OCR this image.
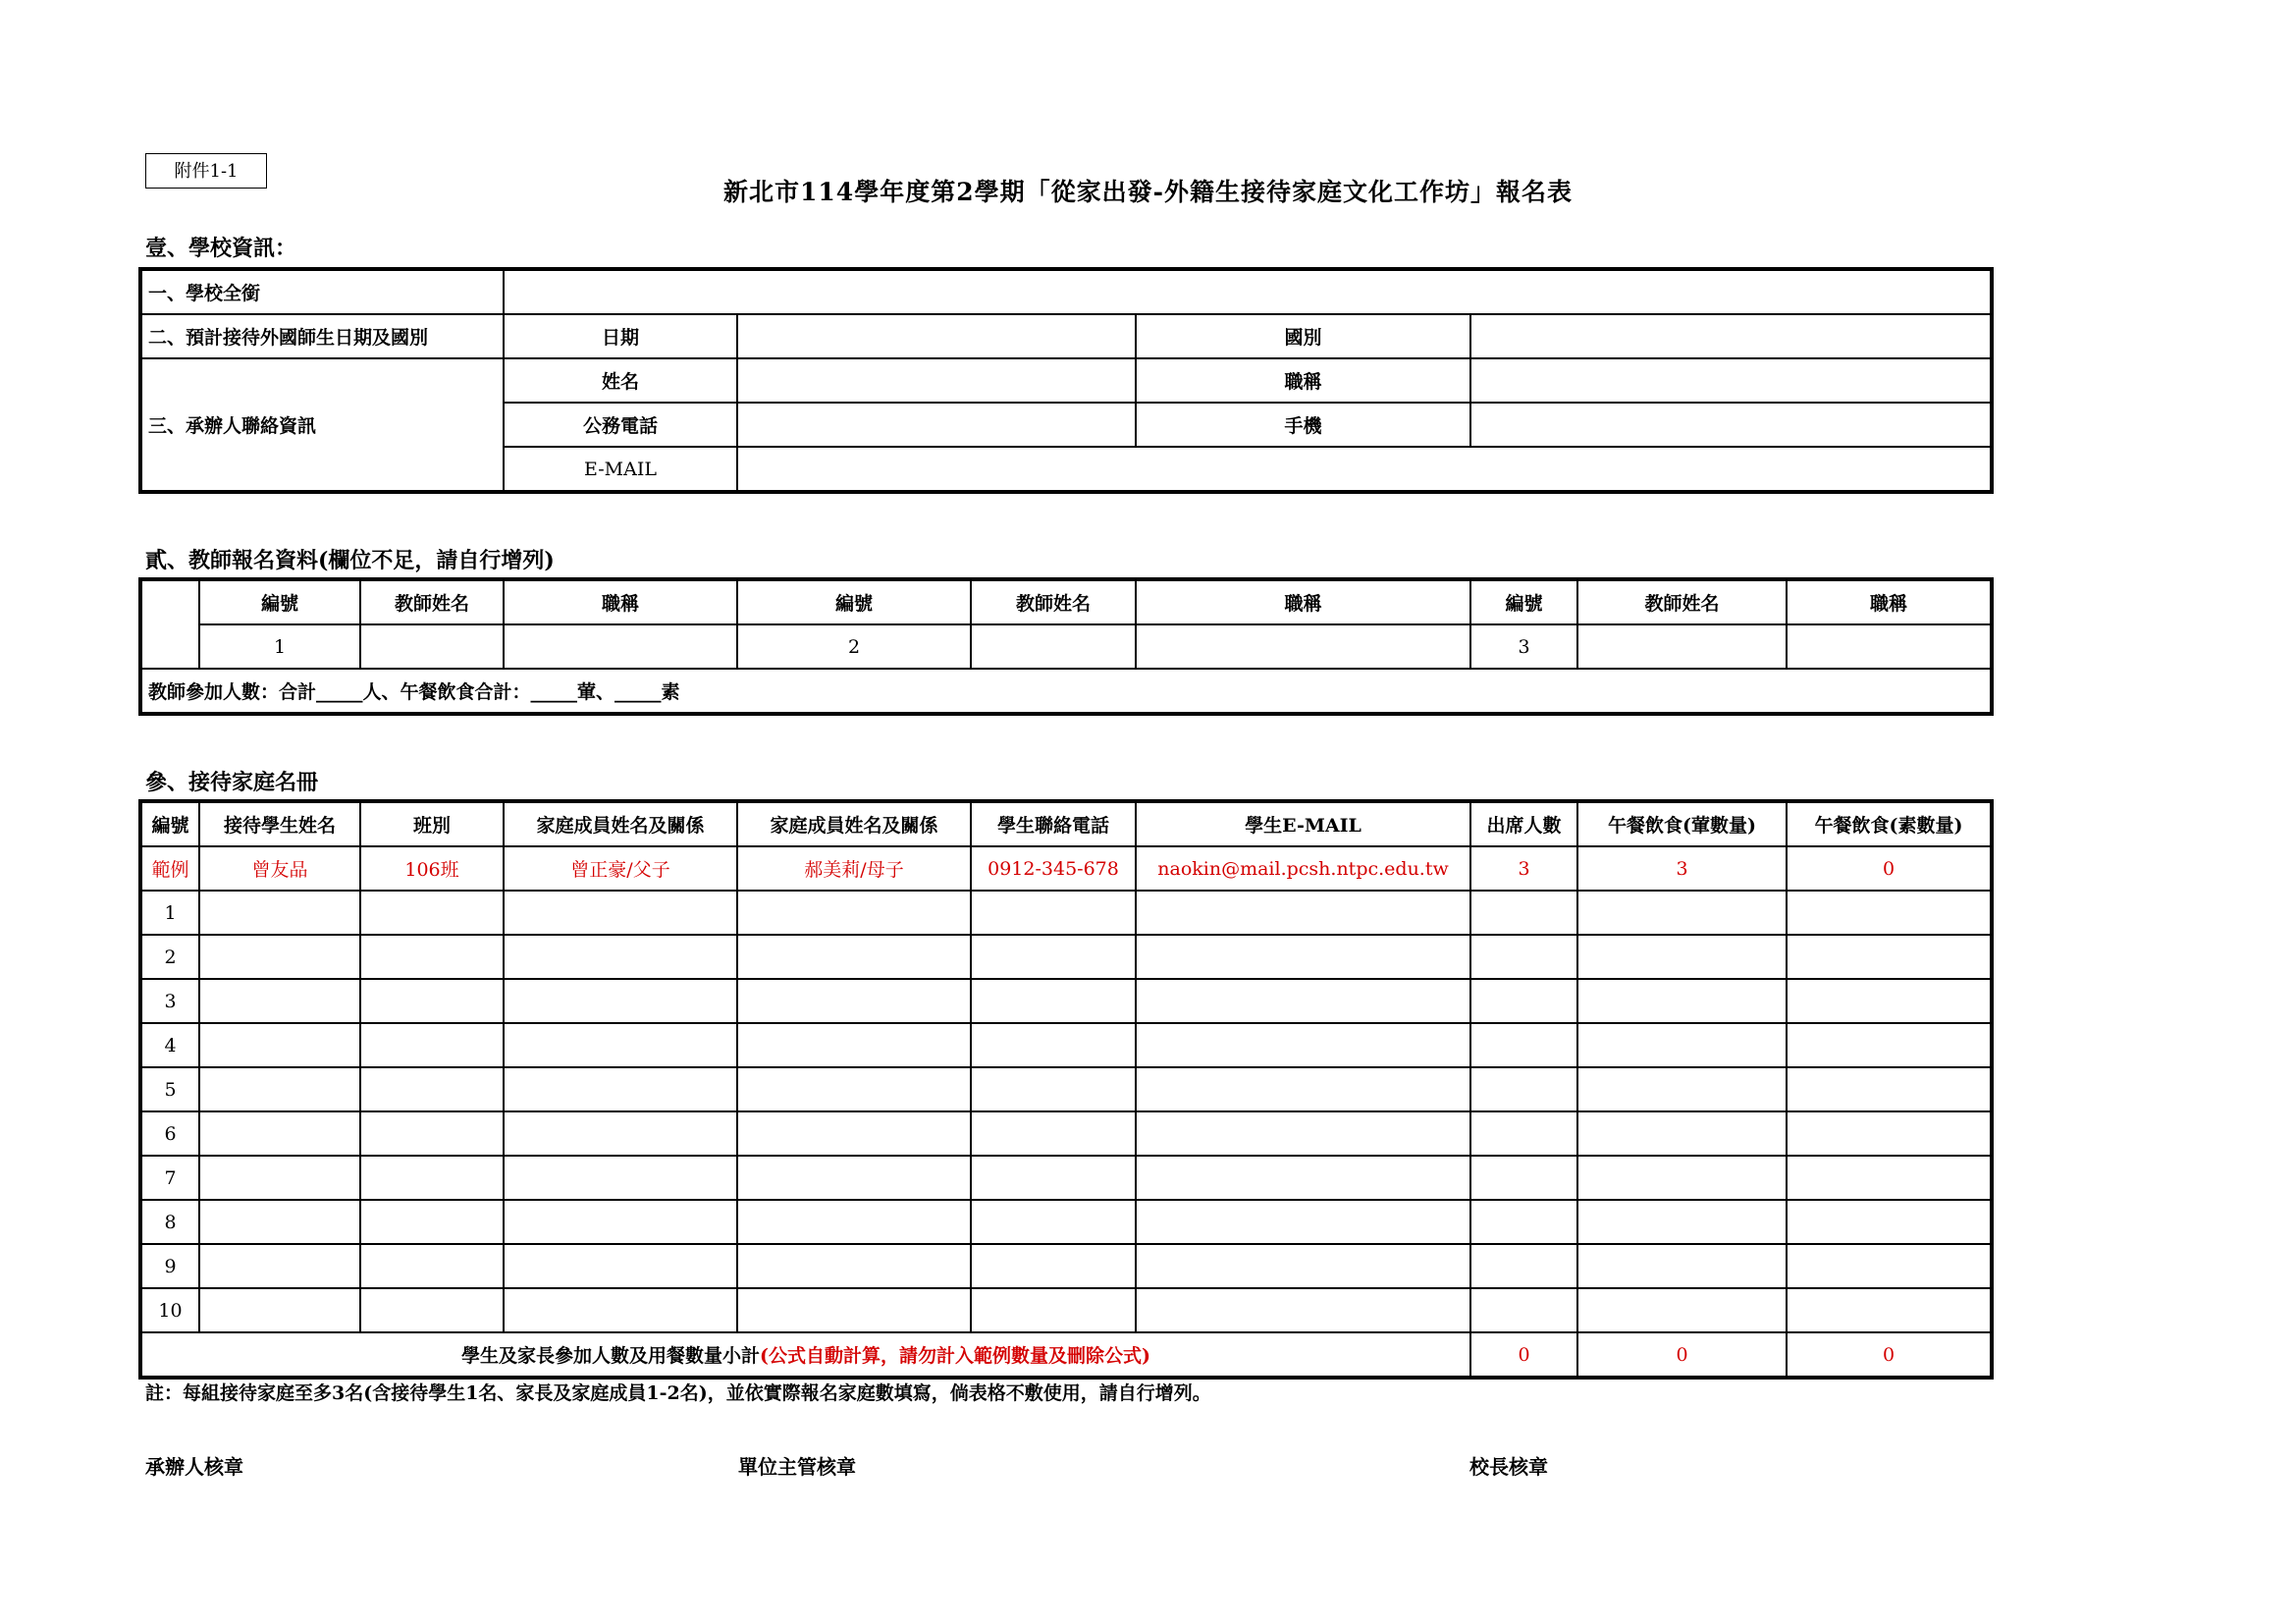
附件1-1
新北市114學年度第2學期「從家出發-外籍生接待家庭文化工作坊」報名表
壹、學校資訊：
一、學校全銜				
二、預計接待外國師生日期及國別	日期		國別	
三、承辦人聯絡資訊	姓名		職稱	
	公務電話		手機	
	E-MAIL			
貳、教師報名資料(欄位不足，請自行增列)
	編號	教師姓名	職稱	編號	教師姓名	職稱	編號	教師姓名	職稱
	1			2			3		
教師參加人數：合計_____人、午餐飲食合計：_____葷、_____素									
參、接待家庭名冊
編號	接待學生姓名	班別	家庭成員姓名及關係	家庭成員姓名及關係	學生聯絡電話	學生E-MAIL	出席人數	午餐飲食(葷數量)	午餐飲食(素數量)
範例	曾友品	106班	曾正豪/父子	郝美莉/母子	0912-345-678	naokin@mail.pcsh.ntpc.edu.tw	3	3	0
1									
2									
3									
4									
5									
6									
7									
8									
9									
10									
學生及家長參加人數及用餐數量小計(公式自動計算，請勿計入範例數量及刪除公式)							0	0	0
註：每組接待家庭至多3名(含接待學生1名、家長及家庭成員1-2名)，並依實際報名家庭數填寫，倘表格不敷使用，請自行增列。
承辦人核章	單位主管核章	校長核章
